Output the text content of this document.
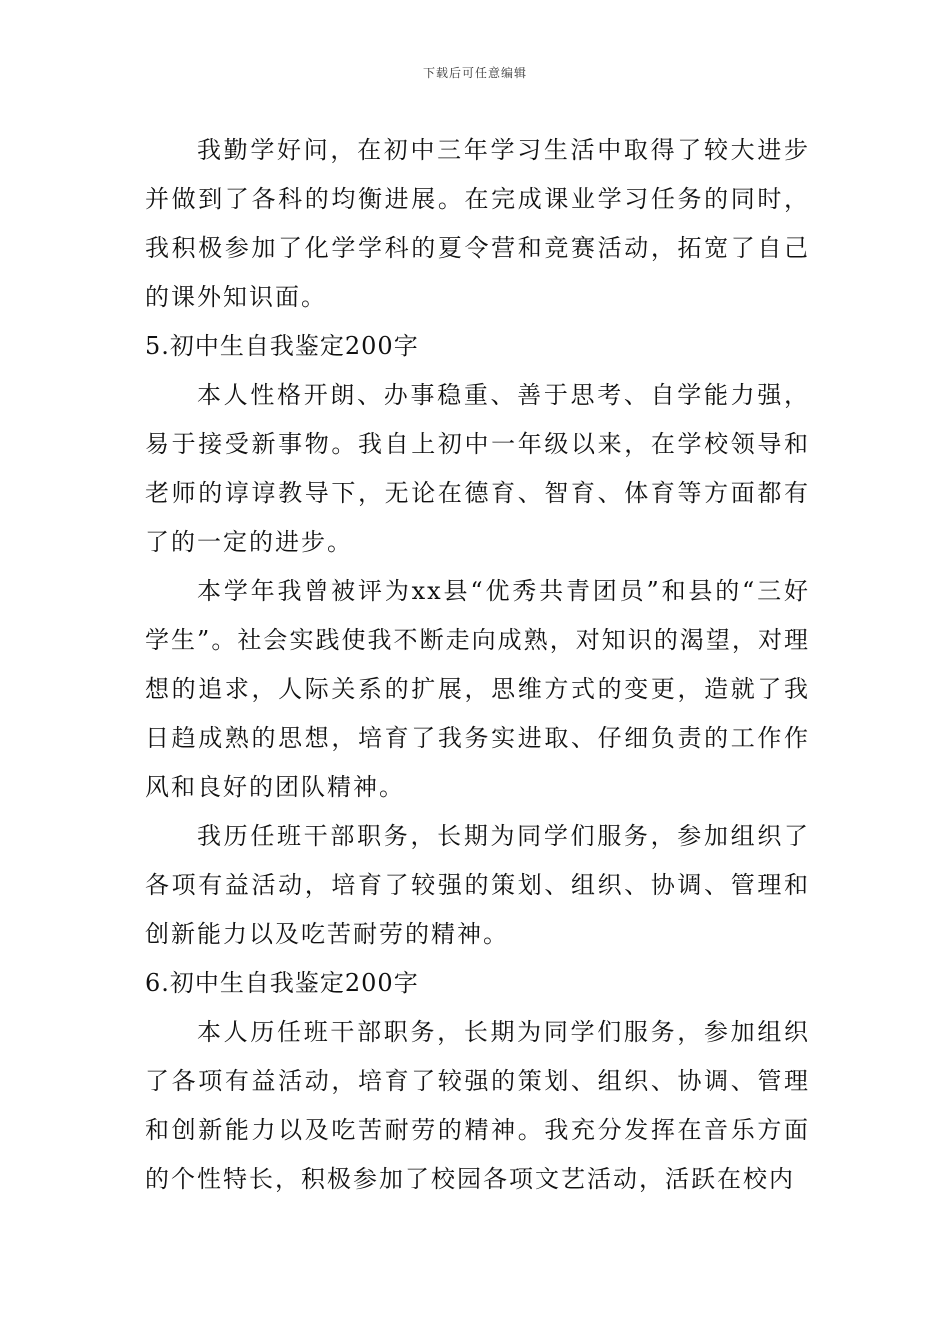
下载后可任意编辑

我勤学好问，在初中三年学习生活中取得了较大进步并做到了各科的均衡进展。在完成课业学习任务的同时，我积极参加了化学学科的夏令营和竞赛活动，拓宽了自己的课外知识面。

5.初中生自我鉴定200字

本人性格开朗、办事稳重、善于思考、自学能力强，易于接受新事物。我自上初中一年级以来，在学校领导和老师的谆谆教导下，无论在德育、智育、体育等方面都有了的一定的进步。

本学年我曾被评为xx县“优秀共青团员”和县的“三好学生”。社会实践使我不断走向成熟，对知识的渴望，对理想的追求，人际关系的扩展，思维方式的变更，造就了我日趋成熟的思想，培育了我务实进取、仔细负责的工作作风和良好的团队精神。

我历任班干部职务，长期为同学们服务，参加组织了各项有益活动，培育了较强的策划、组织、协调、管理和创新能力以及吃苦耐劳的精神。

6.初中生自我鉴定200字

本人历任班干部职务，长期为同学们服务，参加组织了各项有益活动，培育了较强的策划、组织、协调、管理和创新能力以及吃苦耐劳的精神。我充分发挥在音乐方面的个性特长，积极参加了校园各项文艺活动，活跃在校内
